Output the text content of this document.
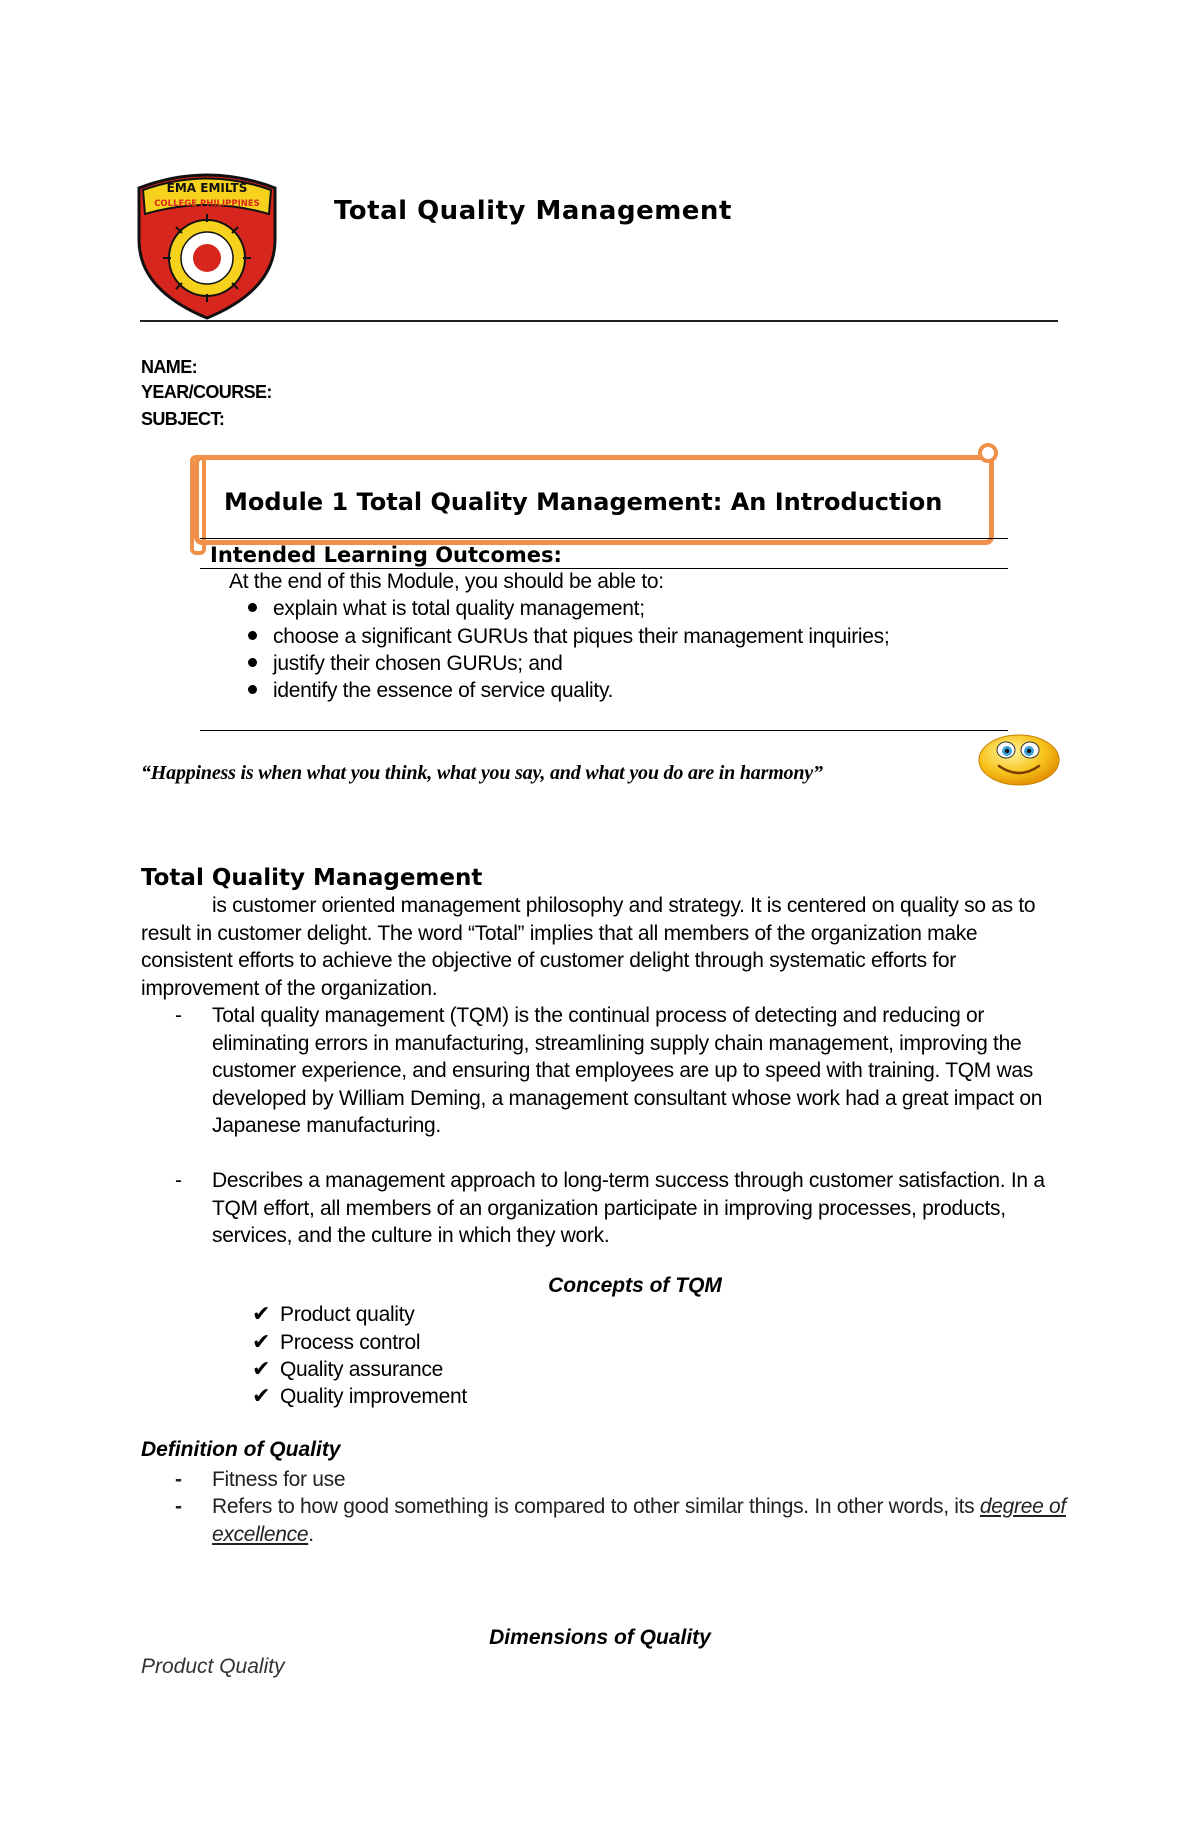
EMA EMILTS
COLLEGE PHILIPPINES	Total Quality Management
NAME:
YEAR/COURSE:
SUBJECT:
Module 1 Total Quality Management: An Introduction
Intended Learning Outcomes:
At the end of this Module, you should be able to:
explain what is total quality management;
choose a significant GURUs that piques their management inquiries;
justify their chosen GURUs; and
identify the essence of service quality.
“Happiness is when what you think, what you say, and what you do are in harmony”
Total Quality Management

is customer oriented management philosophy and strategy. It is centered on quality so as to result in customer delight. The word “Total” implies that all members of the organization make consistent efforts to achieve the objective of customer delight through systematic efforts for improvement of the organization.

- Total quality management (TQM) is the continual process of detecting and reducing or eliminating errors in manufacturing, streamlining supply chain management, improving the customer experience, and ensuring that employees are up to speed with training. TQM was developed by William Deming, a management consultant whose work had a great impact on Japanese manufacturing.
- Describes a management approach to long-term success through customer satisfaction. In a TQM effort, all members of an organization participate in improving processes, products, services, and the culture in which they work.
Concepts of TQM
✔ Product quality
✔ Process control
✔ Quality assurance
✔ Quality improvement
Definition of Quality
- Fitness for use
- Refers to how good something is compared to other similar things. In other words, its degree of excellence.
Dimensions of Quality
Product Quality
